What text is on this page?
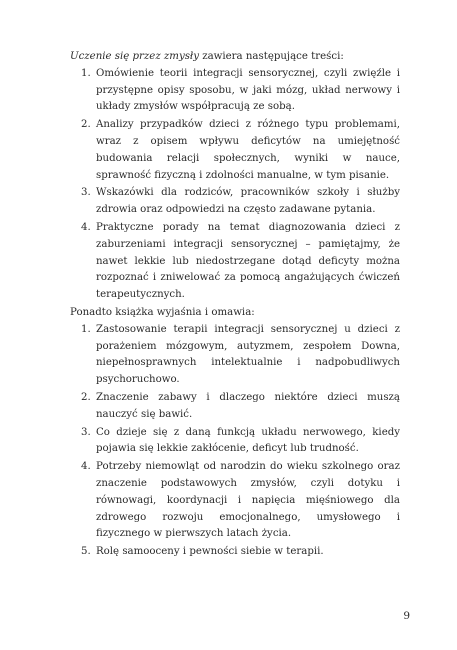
Uczenie się przez zmysły zawiera następujące treści:

1. Omówienie teorii integracji sensorycznej, czyli zwięźle i przystępne opisy sposobu, w jaki mózg, układ nerwowy i układy zmysłów współpracują ze sobą.
2. Analizy przypadków dzieci z różnego typu problemami, wraz z opisem wpływu deficytów na umiejętność budowania relacji społecznych, wyniki w nauce, sprawność fizyczną i zdolności manualne, w tym pisanie.
3. Wskazówki dla rodziców, pracowników szkoły i służby zdrowia oraz odpowiedzi na często zadawane pytania.
4. Praktyczne porady na temat diagnozowania dzieci z zaburzeniami integracji sensorycznej – pamiętajmy, że nawet lekkie lub niedostrzegane dotąd deficyty można rozpoznać i zniwelować za pomocą angażujących ćwiczeń terapeutycznych.

Ponadto książka wyjaśnia i omawia:

1. Zastosowanie terapii integracji sensorycznej u dzieci z porażeniem mózgowym, autyzmem, zespołem Downa, niepełnosprawnych intelektualnie i nadpobudliwych psychoruchowo.
2. Znaczenie zabawy i dlaczego niektóre dzieci muszą nauczyć się bawić.
3. Co dzieje się z daną funkcją układu nerwowego, kiedy pojawia się lekkie zakłócenie, deficyt lub trudność.
4. Potrzeby niemowląt od narodzin do wieku szkolnego oraz znaczenie podstawowych zmysłów, czyli dotyku i równowagi, koordynacji i napięcia mięśniowego dla zdrowego rozwoju emocjonalnego, umysłowego i fizycznego w pierwszych latach życia.
5. Rolę samooceny i pewności siebie w terapii.
9
